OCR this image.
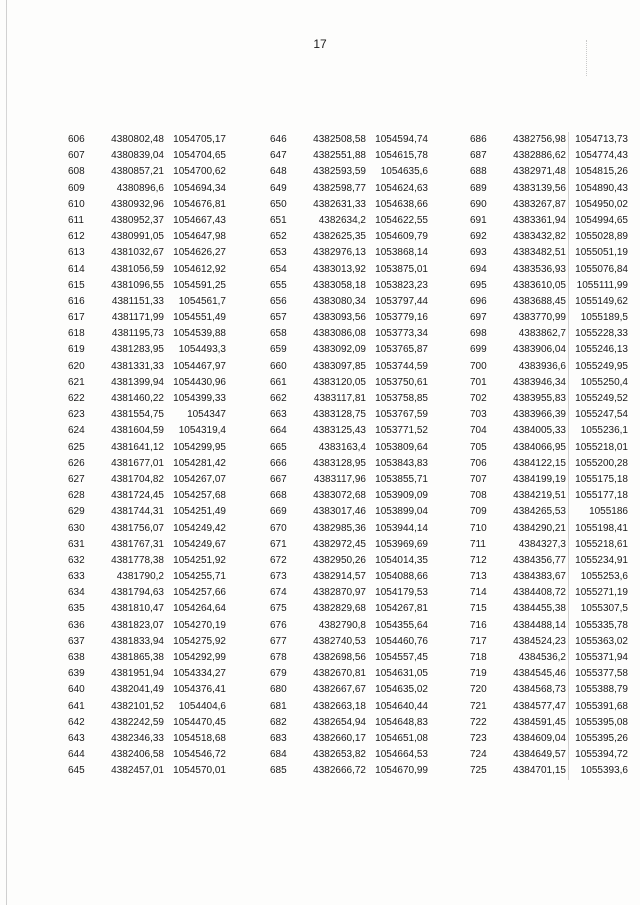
17
606	4380802,48 1054705,17
607	4380839,04 1054704,65
608	4380857,21 1054700,62
609	4380896,6 1054694,34
610	4380932,96 1054676,81
611	4380952,37 1054667,43
612	4380991,05 1054647,98
613	4381032,67 1054626,27
614	4381056,59 1054612,92
615	4381096,55 1054591,25
616	4381151,33	1054561,7
617	4381171,99 1054551,49
618	4381195,73 1054539,88
619	4381283,95	1054493,3
620	4381331,33 1054467,97
621	4381399,94 1054430,96
622	4381460,22 1054399,33
623	4381554,75	1054347
624	4381604,59	1054319,4
625	4381641,12 1054299,95
626	4381677,01 1054281,42
627	4381704,82 1054267,07
628	4381724,45 1054257,68
629	4381744,31 1054251,49
630	4381756,07 1054249,42
631	4381767,31 1054249,67
632	4381778,38 1054251,92
633	4381790,2 1054255,71
634	4381794,63 1054257,66
635	4381810,47 1054264,64
636	4381823,07 1054270,19
637	4381833,94 1054275,92
638	4381865,38 1054292,99
639	4381951,94 1054334,27
640	4382041,49 1054376,41
641	4382101,52	1054404,6
642	4382242,59 1054470,45
643	4382346,33 1054518,68
644	4382406,58 1054546,72
645	4382457,01 1054570,01
646	4382508,58 1054594,74
647	4382551,88 1054615,78
648	4382593,59	1054635,6
649	4382598,77 1054624,63
650	4382631,33 1054638,66
651	4382634,2 1054622,55
652	4382625,35 1054609,79
653	4382976,13 1053868,14
654	4383013,92 1053875,01
655	4383058,18 1053823,23
656	4383080,34 1053797,44
657	4383093,56 1053779,16
658	4383086,08 1053773,34
659	4383092,09 1053765,87
660	4383097,85 1053744,59
661	4383120,05 1053750,61
662	4383117,81 1053758,85
663	4383128,75 1053767,59
664	4383125,43 1053771,52
665	4383163,4 1053809,64
666	4383128,95 1053843,83
667	4383117,96 1053855,71
668	4383072,68 1053909,09
669	4383017,46 1053899,04
670	4382985,36 1053944,14
671	4382972,45 1053969,69
672	4382950,26 1054014,35
673	4382914,57 1054088,66
674	4382870,97 1054179,53
675	4382829,68 1054267,81
676	4382790,8 1054355,64
677	4382740,53 1054460,76
678	4382698,56 1054557,45
679	4382670,81 1054631,05
680	4382667,67 1054635,02
681	4382663,18 1054640,44
682	4382654,94 1054648,83
683	4382660,17 1054651,08
684	4382653,82 1054664,53
685	4382666,72 1054670,99
686	4382756,98 1054713,73
687	4382886,62 1054774,43
688	4382971,48 1054815,26
689	4383139,56 1054890,43
690	4383267,87 1054950,02
691	4383361,94 1054994,65
692	4383432,82 1055028,89
693	4383482,51 1055051,19
694	4383536,93 1055076,84
695	4383610,05	1055111,99
696	4383688,45 1055149,62
697	4383770,99	1055189,5
698	4383862,7 1055228,33
699	4383906,04 1055246,13
700	4383936,6 1055249,95
701	4383946,34	1055250,4
702	4383955,83 1055249,52
703	4383966,39 1055247,54
704	4384005,33	1055236,1
705	4384066,95 1055218,01
706	4384122,15 1055200,28
707	4384199,19 1055175,18
708	4384219,51 1055177,18
709	4384265,53	1055186
710	4384290,21 1055198,41
711	4384327,3 1055218,61
712	4384356,77 1055234,91
713	4384383,67	1055253,6
714	4384408,72 1055271,19
715	4384455,38	1055307,5
716	4384488,14 1055335,78
717	4384524,23 1055363,02
718	4384536,2 1055371,94
719	4384545,46 1055377,58
720	4384568,73 1055388,79
721	4384577,47 1055391,68
722	4384591,45 1055395,08
723	4384609,04 1055395,26
724	4384649,57 1055394,72
725	4384701,15	1055393,6
